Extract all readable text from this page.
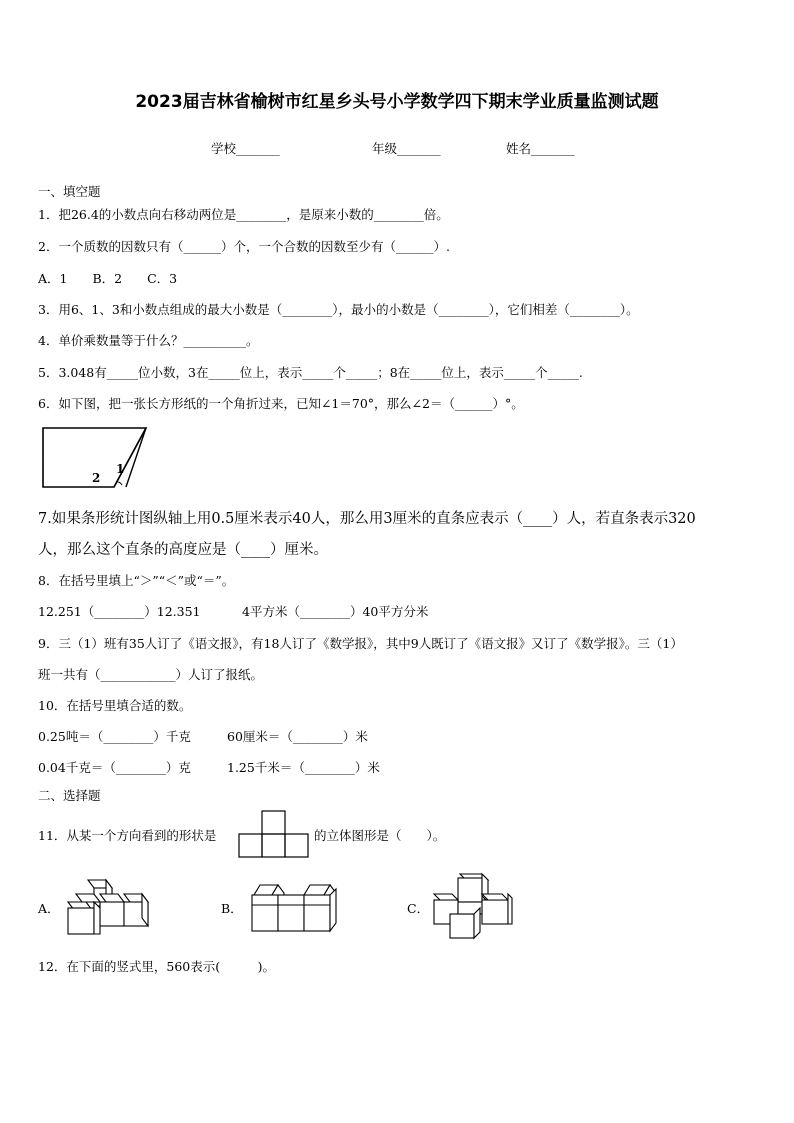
2023届吉林省榆树市红星乡头号小学数学四下期末学业质量监测试题
学校_______	年级_______	姓名_______
一、填空题
1．把26.4的小数点向右移动两位是________，是原来小数的________倍。
2．一个质数的因数只有（______）个，一个合数的因数至少有（______）.
A．1　　B．2　　C．3
3．用6、1、3和小数点组成的最大小数是（________），最小的小数是（________），它们相差（________）。
4．单价乘数量等于什么？__________。
5．3.048有_____位小数，3在_____位上，表示_____个_____；8在_____位上，表示_____个_____.
6．如下图，把一张长方形纸的一个角折过来，已知∠1＝70°，那么∠2＝（______）°。
1
2
7.如果条形统计图纵轴上用0.5厘米表示40人，那么用3厘米的直条应表示（____）人，若直条表示320
人，那么这个直条的高度应是（____）厘米。
8．在括号里填上“＞”“＜”或“＝”。
12.251（________）12.351	4平方米（________）40平方分米
9．三（1）班有35人订了《语文报》，有18人订了《数学报》，其中9人既订了《语文报》又订了《数学报》。三（1）
班一共有（____________）人订了报纸。
10．在括号里填合适的数。
0.25吨＝（________）千克	60厘米＝（________）米
0.04千克＝（________）克	1.25千米＝（________）米
二、选择题
11．从某一个方向看到的形状是	的立体图形是（　　）。
A．	B．	C．
12．在下面的竖式里，560表示(　　　)。
